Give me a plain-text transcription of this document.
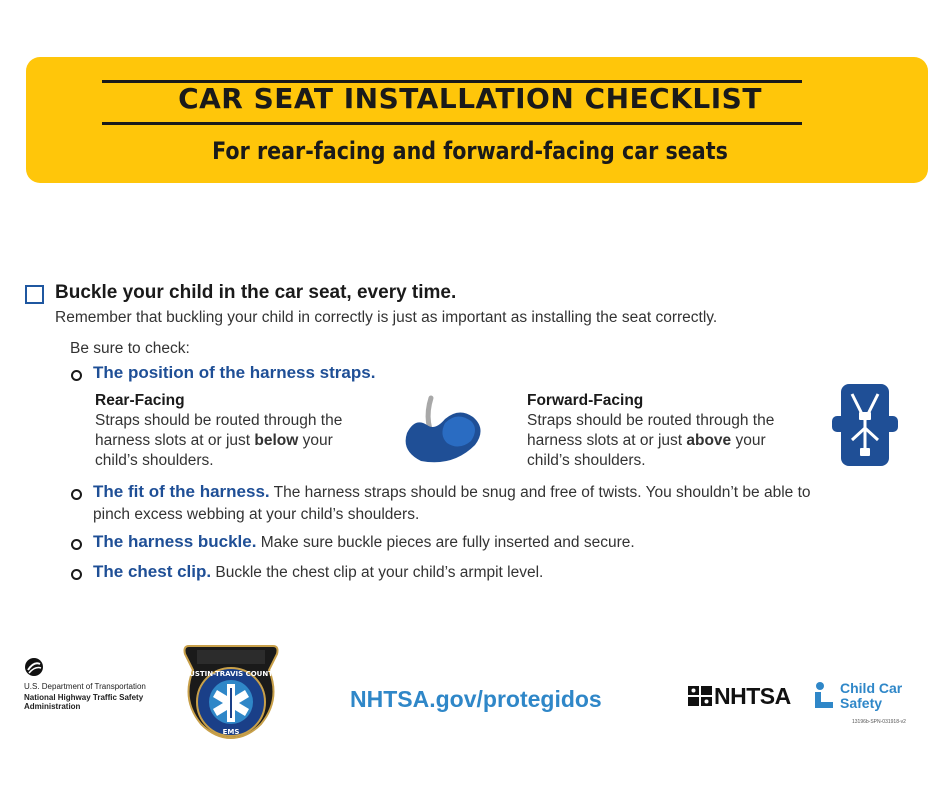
CAR SEAT INSTALLATION CHECKLIST
For rear-facing and forward-facing car seats
Buckle your child in the car seat, every time.
Remember that buckling your child in correctly is just as important as installing the seat correctly.
Be sure to check:
The position of the harness straps.
Rear-Facing
Straps should be routed through the
harness slots at or just below your
child’s shoulders.
Forward-Facing
Straps should be routed through the
harness slots at or just above your
child’s shoulders.
The fit of the harness. The harness straps should be snug and free of twists. You shouldn’t be able to
pinch excess webbing at your child’s shoulders.
The harness buckle. Make sure buckle pieces are fully inserted and secure.
The chest clip. Buckle the chest clip at your child’s armpit level.
U.S. Department of Transportation
National Highway Traffic Safety Administration
AUSTIN-TRAVIS COUNTY
EMS
NHTSA.gov/protegidos	NHTSA	Child Car
Safety
13196b-SPN-031918-v2
